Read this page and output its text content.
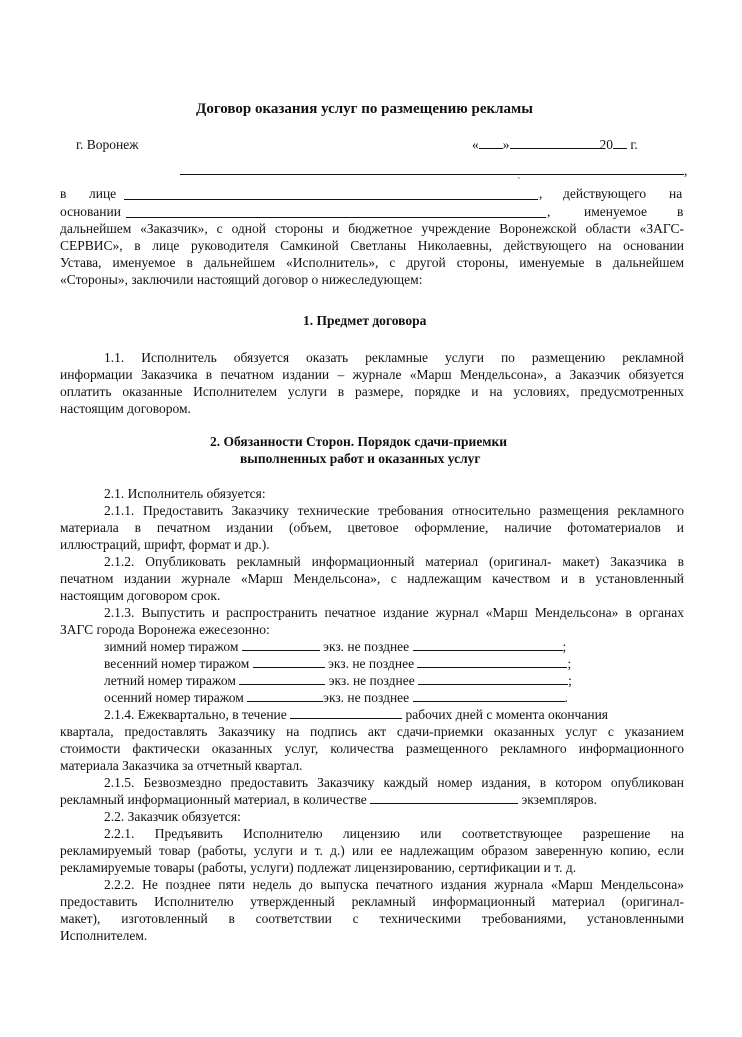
Договор оказания услуг по размещению рекламы
г. Воронеж	« »	20 г.
,
`
в лице	, действующего на
основании	, именуемое в
дальнейшем «Заказчик», с одной стороны и бюджетное учреждение Воронежской области «ЗАГС-
СЕРВИС», в лице руководителя Самкиной Светланы Николаевны, действующего на основании
Устава, именуемое в дальнейшем «Исполнитель», с другой стороны, именуемые в дальнейшем
«Стороны», заключили настоящий договор о нижеследующем:
1. Предмет договора
1.1. Исполнитель обязуется оказать рекламные услуги по размещению рекламной
информации Заказчика в печатном издании – журнале «Марш Мендельсона», а Заказчик обязуется
оплатить оказанные Исполнителем услуги в размере, порядке и на условиях, предусмотренных
настоящим договором.
2. Обязанности Сторон. Порядок сдачи-приемки
выполненных работ и оказанных услуг
2.1. Исполнитель обязуется:
2.1.1. Предоставить Заказчику технические требования относительно размещения рекламного
материала в печатном издании (объем, цветовое оформление, наличие фотоматериалов и
иллюстраций, шрифт, формат и др.).
2.1.2. Опубликовать рекламный информационный материал (оригинал- макет) Заказчика в
печатном издании журнале «Марш Мендельсона», с надлежащим качеством и в установленный
настоящим договором срок.
2.1.3. Выпустить и распространить печатное издание журнал «Марш Мендельсона» в органах
ЗАГС города Воронежа ежесезонно:
зимний номер тиражом	экз. не позднее	;
весенний номер тиражом	экз. не позднее	;
летний номер тиражом	экз. не позднее	;
осенний номер тиражом	экз. не позднее	.
2.1.4. Ежеквартально, в течение	рабочих дней с момента окончания
квартала, предоставлять Заказчику на подпись акт сдачи-приемки оказанных услуг с указанием
стоимости фактически оказанных услуг, количества размещенного рекламного информационного
материала Заказчика за отчетный квартал.
2.1.5. Безвозмездно предоставить Заказчику каждый номер издания, в котором опубликован
рекламный информационный материал, в количестве	экземпляров.
2.2. Заказчик обязуется:
2.2.1. Предъявить Исполнителю лицензию или соответствующее разрешение на
рекламируемый товар (работы, услуги и т. д.) или ее надлежащим образом заверенную копию, если
рекламируемые товары (работы, услуги) подлежат лицензированию, сертификации и т. д.
2.2.2. Не позднее пяти недель до выпуска печатного издания журнала «Марш Мендельсона»
предоставить Исполнителю утвержденный рекламный информационный материал (оригинал-
макет), изготовленный в соответствии с техническими требованиями, установленными
Исполнителем.
